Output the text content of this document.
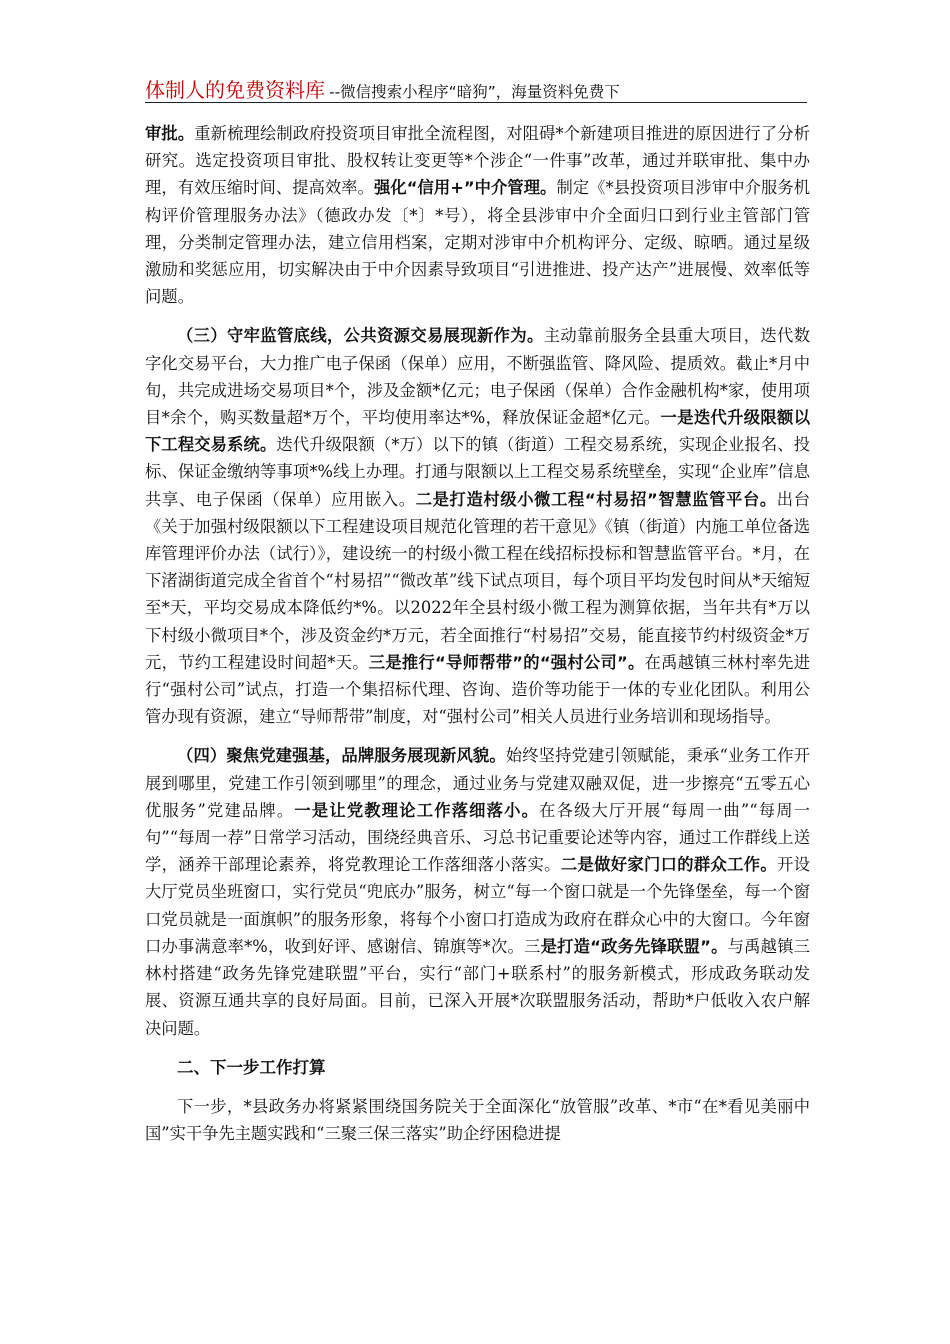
体制人的免费资料库 --微信搜索小程序“暗狗”，海量资料免费下

审批。重新梳理绘制政府投资项目审批全流程图，对阻碍*个新建项目推进的原因进行了分析研究。选定投资项目审批、股权转让变更等*个涉企“一件事”改革，通过并联审批、集中办理，有效压缩时间、提高效率。强化“信用+”中介管理。制定《*县投资项目涉审中介服务机构评价管理服务办法》（德政办发〔*〕*号），将全县涉审中介全面归口到行业主管部门管理，分类制定管理办法，建立信用档案，定期对涉审中介机构评分、定级、晾晒。通过星级激励和奖惩应用，切实解决由于中介因素导致项目“引进推进、投产达产”进展慢、效率低等问题。

（三）守牢监管底线，公共资源交易展现新作为。主动靠前服务全县重大项目，迭代数字化交易平台，大力推广电子保函（保单）应用，不断强监管、降风险、提质效。截止*月中旬，共完成进场交易项目*个，涉及金额*亿元；电子保函（保单）合作金融机构*家，使用项目*余个，购买数量超*万个，平均使用率达*%，释放保证金超*亿元。一是迭代升级限额以下工程交易系统。迭代升级限额（*万）以下的镇（街道）工程交易系统，实现企业报名、投标、保证金缴纳等事项*%线上办理。打通与限额以上工程交易系统壁垒，实现“企业库”信息共享、电子保函（保单）应用嵌入。二是打造村级小微工程“村易招”智慧监管平台。出台《关于加强村级限额以下工程建设项目规范化管理的若干意见》《镇（街道）内施工单位备选库管理评价办法（试行）》，建设统一的村级小微工程在线招标投标和智慧监管平台。*月，在下渚湖街道完成全省首个“村易招”“微改革”线下试点项目，每个项目平均发包时间从*天缩短至*天，平均交易成本降低约*%。以2022年全县村级小微工程为测算依据，当年共有*万以下村级小微项目*个，涉及资金约*万元，若全面推行“村易招”交易，能直接节约村级资金*万元，节约工程建设时间超*天。三是推行“导师帮带”的“强村公司”。在禹越镇三林村率先进行“强村公司”试点，打造一个集招标代理、咨询、造价等功能于一体的专业化团队。利用公管办现有资源，建立“导师帮带”制度，对“强村公司”相关人员进行业务培训和现场指导。

（四）聚焦党建强基，品牌服务展现新风貌。始终坚持党建引领赋能，秉承“业务工作开展到哪里，党建工作引领到哪里”的理念，通过业务与党建双融双促，进一步擦亮“五零五心优服务”党建品牌。一是让党教理论工作落细落小。在各级大厅开展“每周一曲”“每周一句”“每周一荐”日常学习活动，围绕经典音乐、习总书记重要论述等内容，通过工作群线上送学，涵养干部理论素养，将党教理论工作落细落小落实。二是做好家门口的群众工作。开设大厅党员坐班窗口，实行党员“兜底办”服务，树立“每一个窗口就是一个先锋堡垒，每一个窗口党员就是一面旗帜”的服务形象，将每个小窗口打造成为政府在群众心中的大窗口。今年窗口办事满意率*%，收到好评、感谢信、锦旗等*次。三是打造“政务先锋联盟”。与禹越镇三林村搭建“政务先锋党建联盟”平台，实行“部门+联系村”的服务新模式，形成政务联动发展、资源互通共享的良好局面。目前，已深入开展*次联盟服务活动，帮助*户低收入农户解决问题。

二、下一步工作打算

下一步，*县政务办将紧紧围绕国务院关于全面深化“放管服”改革、*市“在*看见美丽中国”实干争先主题实践和“三聚三保三落实”助企纾困稳进提
